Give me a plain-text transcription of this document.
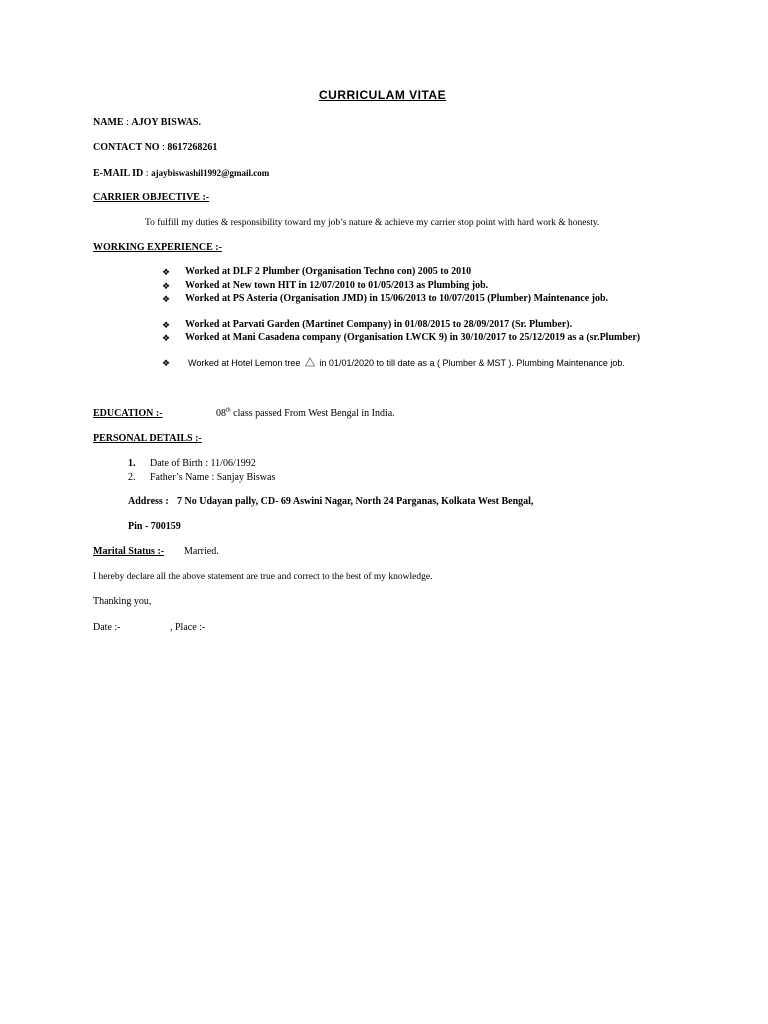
CURRICULAM VITAE
NAME : AJOY BISWAS.
CONTACT NO : 8617268261
E-MAIL ID : ajaybiswashil1992@gmail.com
CARRIER OBJECTIVE :-
To fulfill my duties & responsibility toward my job’s nature & achieve my carrier stop point with hard work & honesty.
WORKING EXPERIENCE :-
❖ Worked at DLF 2 Plumber (Organisation Techno con) 2005 to 2010
❖ Worked at New town HIT in 12/07/2010 to 01/05/2013 as Plumbing job.
❖ Worked at PS Asteria (Organisation JMD) in 15/06/2013 to 10/07/2015 (Plumber) Maintenance job.
❖ Worked at Parvati Garden (Martinet Company) in 01/08/2015 to 28/09/2017 (Sr. Plumber).
❖ Worked at Mani Casadena company (Organisation LWCK 9) in 30/10/2017 to 25/12/2019 as a (sr.Plumber)
❖ Worked at Hotel Lemon tree in 01/01/2020 to till date as a ( Plumber & MST ). Plumbing Maintenance job.
EDUCATION :-	08th class passed From West Bengal in India.
PERSONAL DETAILS :-
1. Date of Birth : 11/06/1992
2. Father’s Name : Sanjay Biswas
Address : 7 No Udayan pally, CD- 69 Aswini Nagar, North 24 Parganas, Kolkata West Bengal,
Pin - 700159
Marital Status :- Married.
I hereby declare all the above statement are true and correct to the best of my knowledge.
Thanking you,
Date :-	, Place :-
